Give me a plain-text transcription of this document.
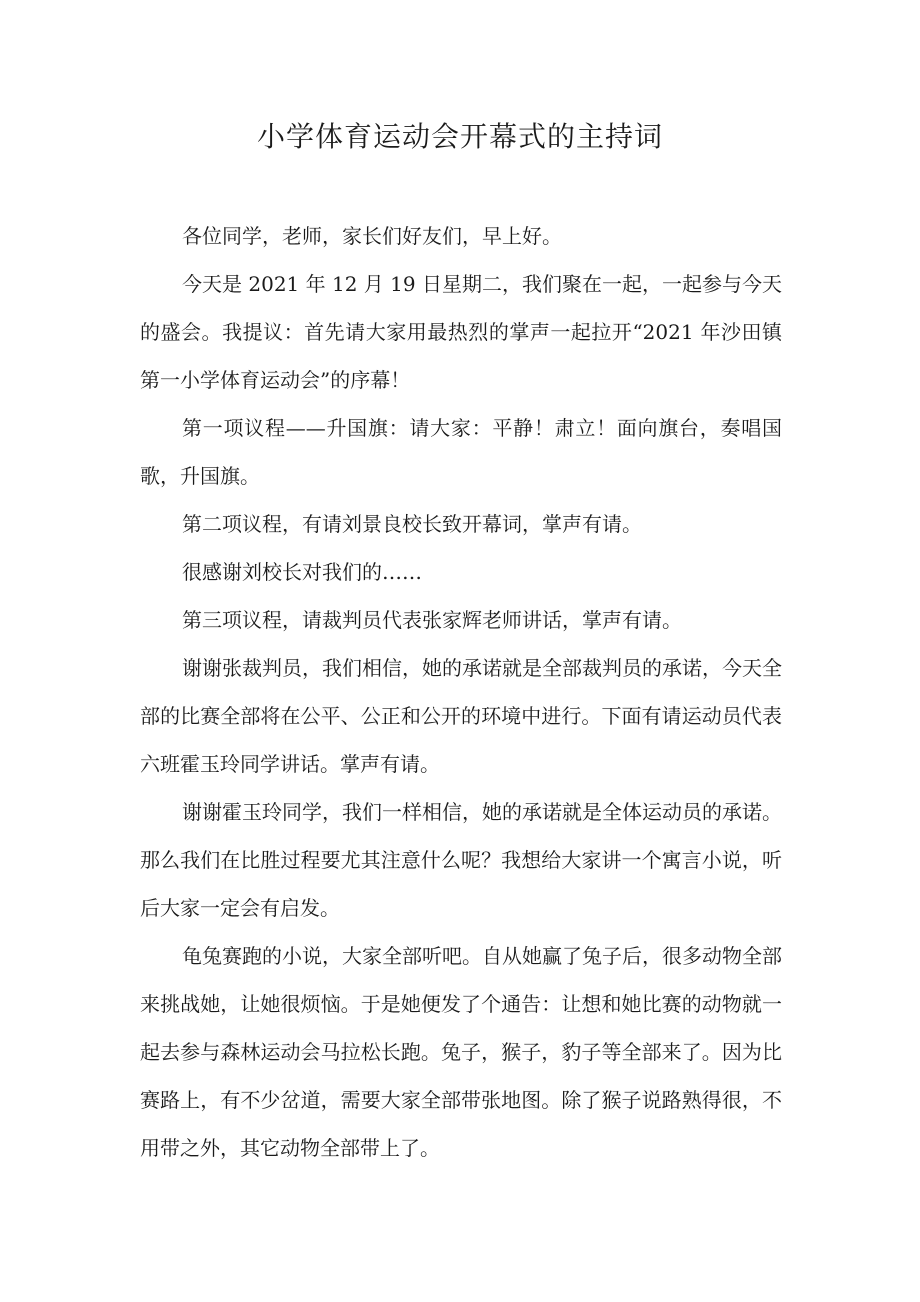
小学体育运动会开幕式的主持词

各位同学，老师，家长们好友们，早上好。

今天是 2021 年 12 月 19 日星期二，我们聚在一起，一起参与今天的盛会。我提议：首先请大家用最热烈的掌声一起拉开“2021 年沙田镇第一小学体育运动会”的序幕！

第一项议程——升国旗：请大家：平静！肃立！面向旗台，奏唱国歌，升国旗。

第二项议程，有请刘景良校长致开幕词，掌声有请。

很感谢刘校长对我们的……

第三项议程，请裁判员代表张家辉老师讲话，掌声有请。

谢谢张裁判员，我们相信，她的承诺就是全部裁判员的承诺，今天全部的比赛全部将在公平、公正和公开的环境中进行。下面有请运动员代表六班霍玉玲同学讲话。掌声有请。

谢谢霍玉玲同学，我们一样相信，她的承诺就是全体运动员的承诺。那么我们在比胜过程要尤其注意什么呢？我想给大家讲一个寓言小说，听后大家一定会有启发。

龟兔赛跑的小说，大家全部听吧。自从她赢了兔子后，很多动物全部来挑战她，让她很烦恼。于是她便发了个通告：让想和她比赛的动物就一起去参与森林运动会马拉松长跑。兔子，猴子，豹子等全部来了。因为比赛路上，有不少岔道，需要大家全部带张地图。除了猴子说路熟得很，不用带之外，其它动物全部带上了。
